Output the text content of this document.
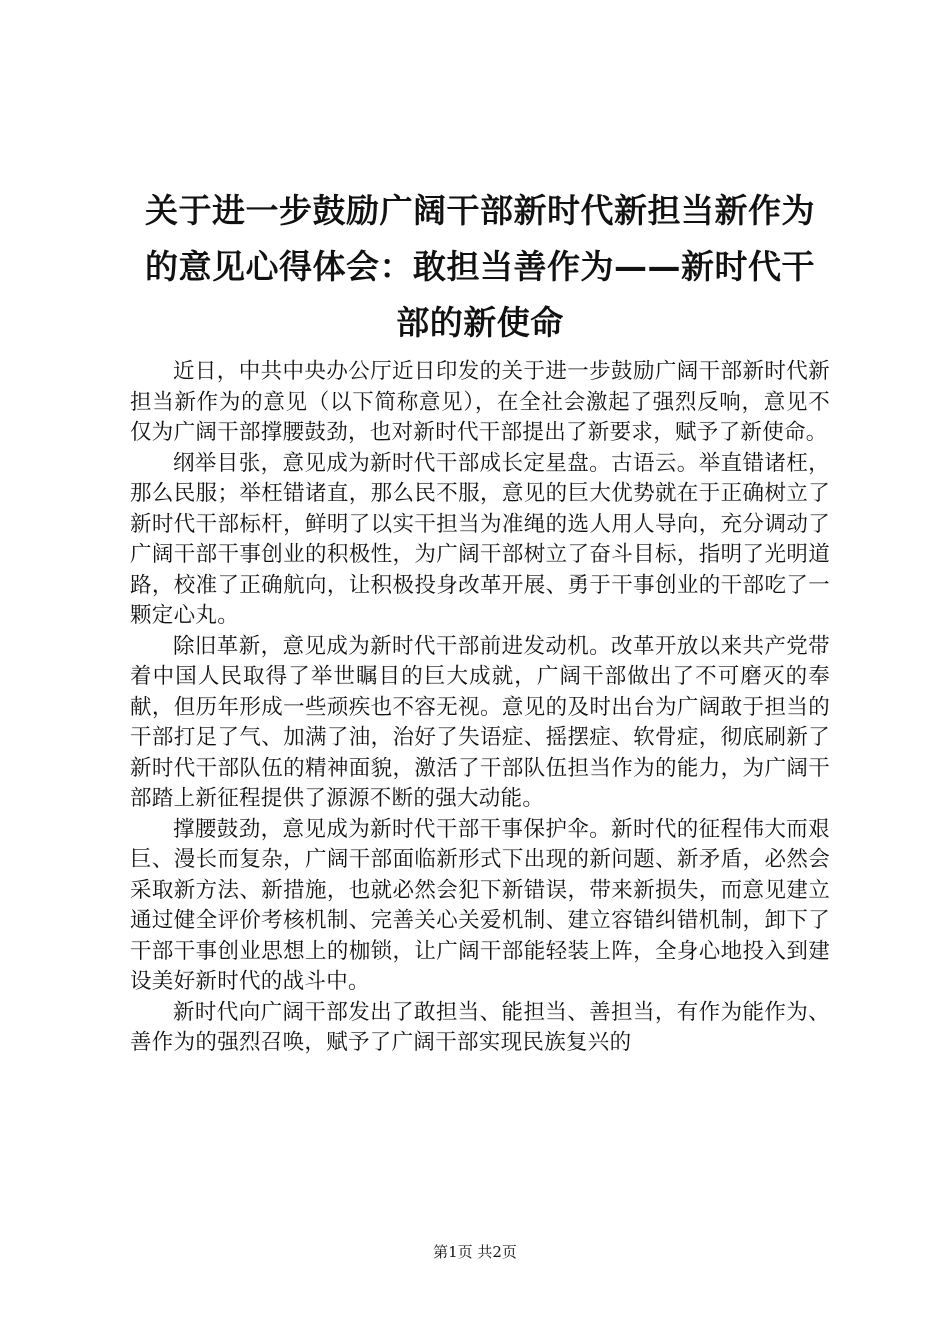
关于进一步鼓励广阔干部新时代新担当新作为的意见心得体会：敢担当善作为——新时代干部的新使命

近日，中共中央办公厅近日印发的关于进一步鼓励广阔干部新时代新担当新作为的意见（以下简称意见），在全社会激起了强烈反响，意见不仅为广阔干部撑腰鼓劲，也对新时代干部提出了新要求，赋予了新使命。

纲举目张，意见成为新时代干部成长定星盘。古语云。举直错诸枉，那么民服；举枉错诸直，那么民不服，意见的巨大优势就在于正确树立了新时代干部标杆，鲜明了以实干担当为准绳的选人用人导向，充分调动了广阔干部干事创业的积极性，为广阔干部树立了奋斗目标，指明了光明道路，校准了正确航向，让积极投身改革开展、勇于干事创业的干部吃了一颗定心丸。

除旧革新，意见成为新时代干部前进发动机。改革开放以来共产党带着中国人民取得了举世瞩目的巨大成就，广阔干部做出了不可磨灭的奉献，但历年形成一些顽疾也不容无视。意见的及时出台为广阔敢于担当的干部打足了气、加满了油，治好了失语症、摇摆症、软骨症，彻底刷新了新时代干部队伍的精神面貌，激活了干部队伍担当作为的能力，为广阔干部踏上新征程提供了源源不断的强大动能。

撑腰鼓劲，意见成为新时代干部干事保护伞。新时代的征程伟大而艰巨、漫长而复杂，广阔干部面临新形式下出现的新问题、新矛盾，必然会采取新方法、新措施，也就必然会犯下新错误，带来新损失，而意见建立通过健全评价考核机制、完善关心关爱机制、建立容错纠错机制，卸下了干部干事创业思想上的枷锁，让广阔干部能轻装上阵，全身心地投入到建设美好新时代的战斗中。

新时代向广阔干部发出了敢担当、能担当、善担当，有作为能作为、善作为的强烈召唤，赋予了广阔干部实现民族复兴的

第1页 共2页
